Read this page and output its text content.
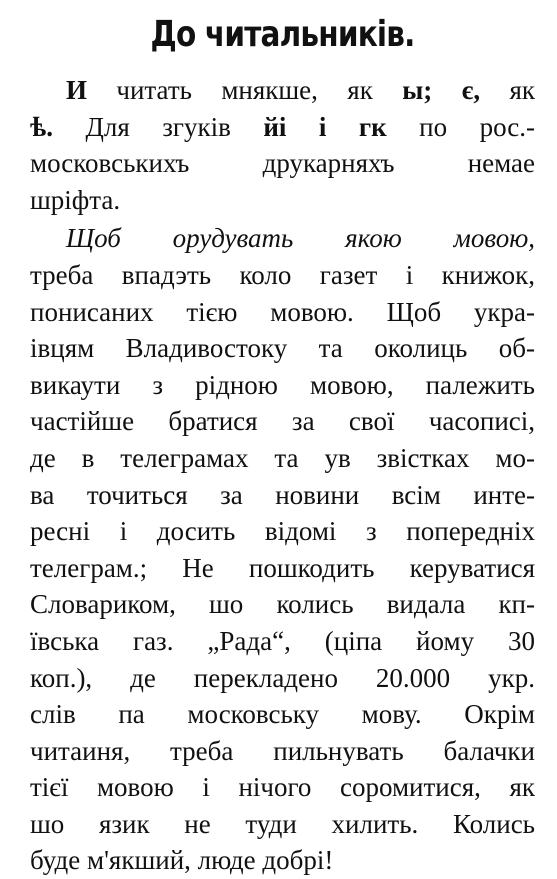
До читальників.
И читать мнякше, як ы; є, як
ѣ. Для згуків йі і гк по рос.-
московськихъ друкарняхъ немае
шріфта.
Щоб орудувать якою мовою,
треба впадэть коло газет і книжок,
понисаних тією мовою. Щоб укра-
івцям Владивостоку та околиць об-
викаути з рідною мовою, палежить
частійше братися за свої часописі,
де в телеграмах та ув звістках мо-
ва точиться за новини всім инте-
ресні і досить відомі з попередніх
телеграм.; Не пошкодить керуватися
Словариком, шо колись видала кп-
ївська газ. „Рада“, (ціпа йому 30
коп.), де перекладено 20.000 укр.
слів па московську мову. Окрім
читаиня, треба пильнувать балачки
тієї мовою і нічого соромитися, як
шо язик не туди хилить. Колись
буде м'якший, люде добрі!
